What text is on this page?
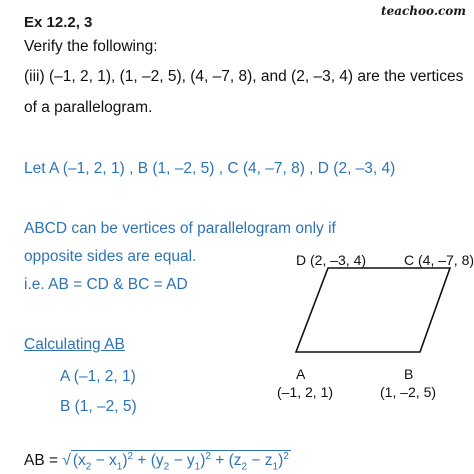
Ex 12.2, 3
teachoo.com
Verify the following:
(iii) (–1, 2, 1), (1, –2, 5), (4, –7, 8), and (2, –3, 4) are the vertices
of a parallelogram.
Let A (–1, 2, 1) , B (1, –2, 5) , C (4, –7, 8) , D (2, –3, 4)
ABCD can be vertices of parallelogram only if
opposite sides are equal.
i.e. AB = CD & BC = AD
Calculating AB
A (–1, 2, 1)
B (1, –2, 5)
D (2, –3, 4)	C (4, –7, 8)
A
(–1, 2, 1)
B
(1, –2, 5)
AB = √ $(x_2 - x_1)^2 + (y_2 - y_1)^2 + (z_2 - z_1)^2$
